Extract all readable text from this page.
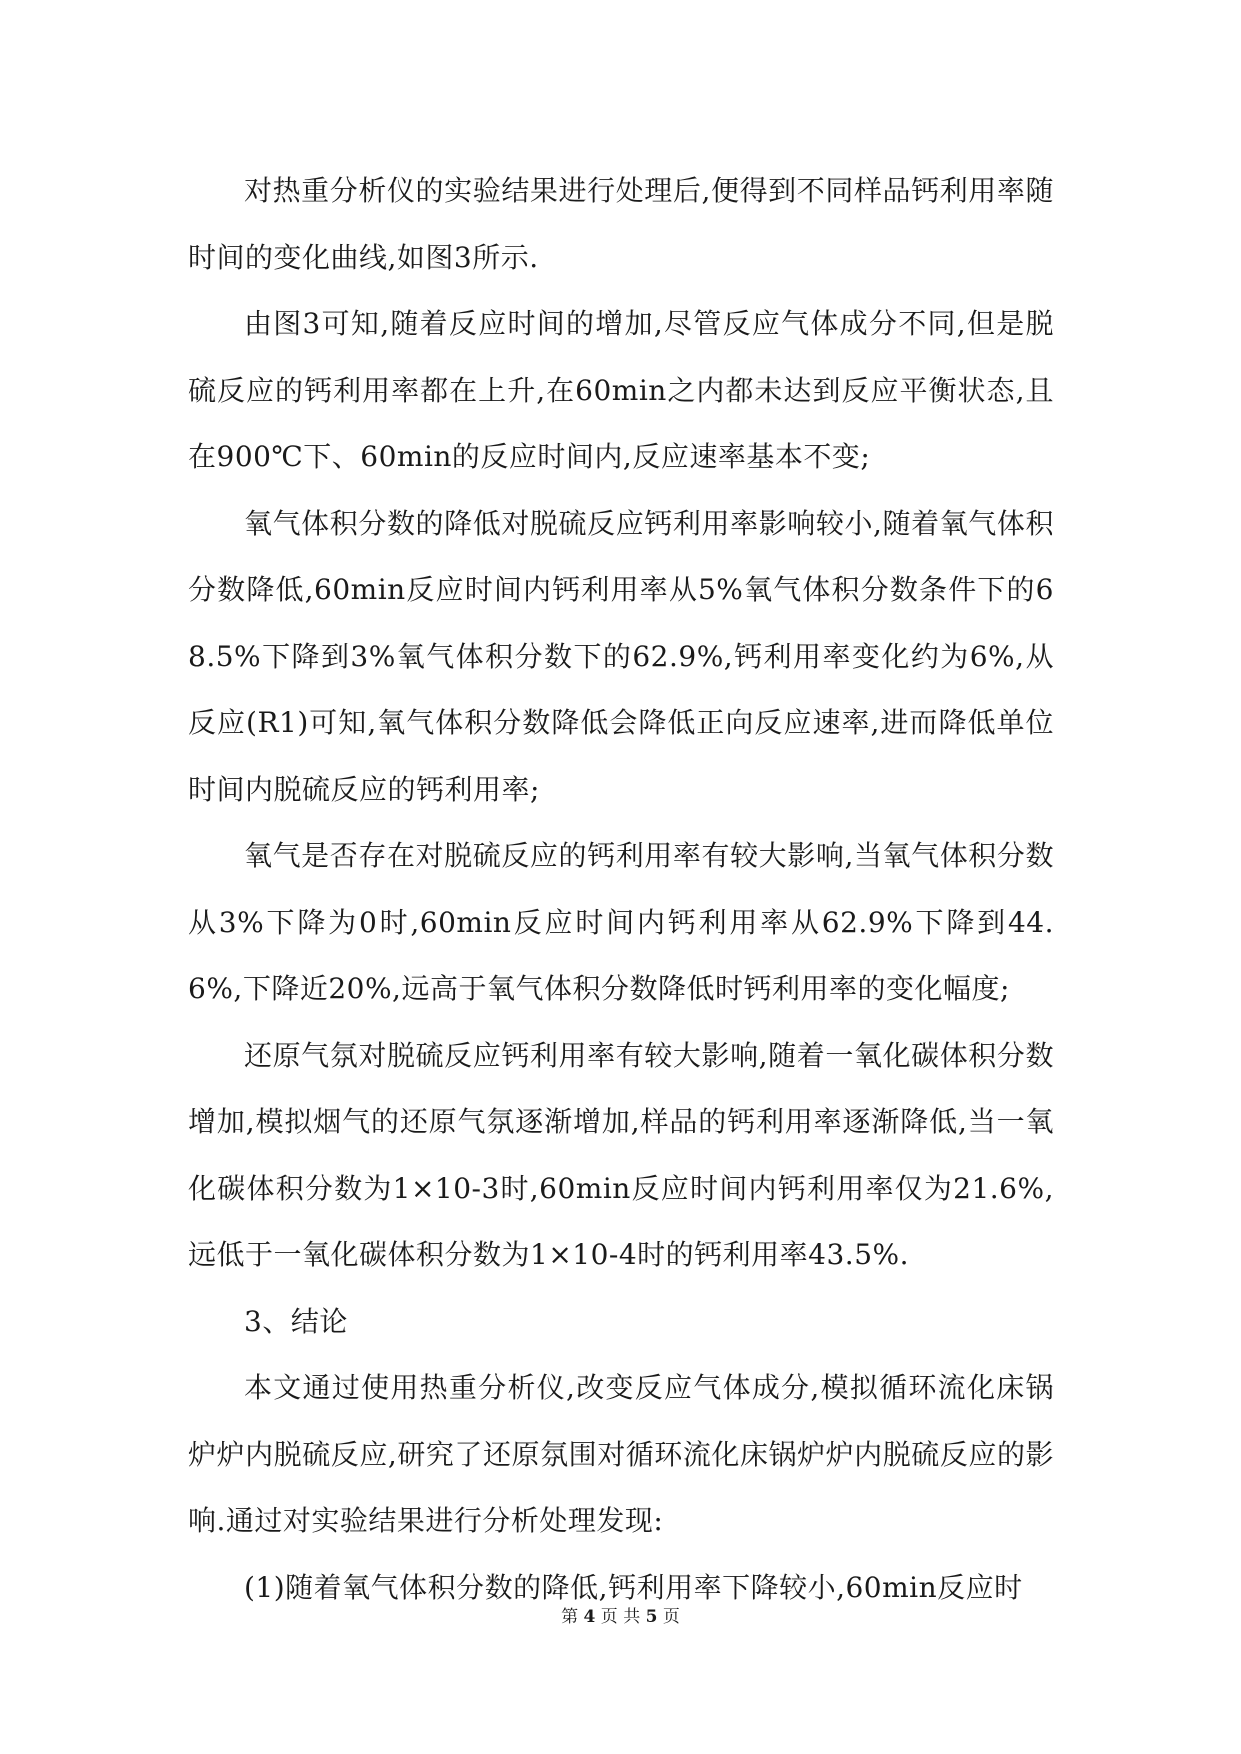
对热重分析仪的实验结果进行处理后,便得到不同样品钙利用率随时间的变化曲线,如图3所示.

由图3可知,随着反应时间的增加,尽管反应气体成分不同,但是脱硫反应的钙利用率都在上升,在60min之内都未达到反应平衡状态,且在900℃下、60min的反应时间内,反应速率基本不变;

氧气体积分数的降低对脱硫反应钙利用率影响较小,随着氧气体积分数降低,60min反应时间内钙利用率从5%氧气体积分数条件下的68.5%下降到3%氧气体积分数下的62.9%,钙利用率变化约为6%,从反应(R1)可知,氧气体积分数降低会降低正向反应速率,进而降低单位时间内脱硫反应的钙利用率;

氧气是否存在对脱硫反应的钙利用率有较大影响,当氧气体积分数从3%下降为0时,60min反应时间内钙利用率从62.9%下降到44.6%,下降近20%,远高于氧气体积分数降低时钙利用率的变化幅度;

还原气氛对脱硫反应钙利用率有较大影响,随着一氧化碳体积分数增加,模拟烟气的还原气氛逐渐增加,样品的钙利用率逐渐降低,当一氧化碳体积分数为1×10-3时,60min反应时间内钙利用率仅为21.6%,远低于一氧化碳体积分数为1×10-4时的钙利用率43.5%.

3、结论

本文通过使用热重分析仪,改变反应气体成分,模拟循环流化床锅炉炉内脱硫反应,研究了还原氛围对循环流化床锅炉炉内脱硫反应的影响.通过对实验结果进行分析处理发现:

(1)随着氧气体积分数的降低,钙利用率下降较小,60min反应时

第 4 页 共 5 页
